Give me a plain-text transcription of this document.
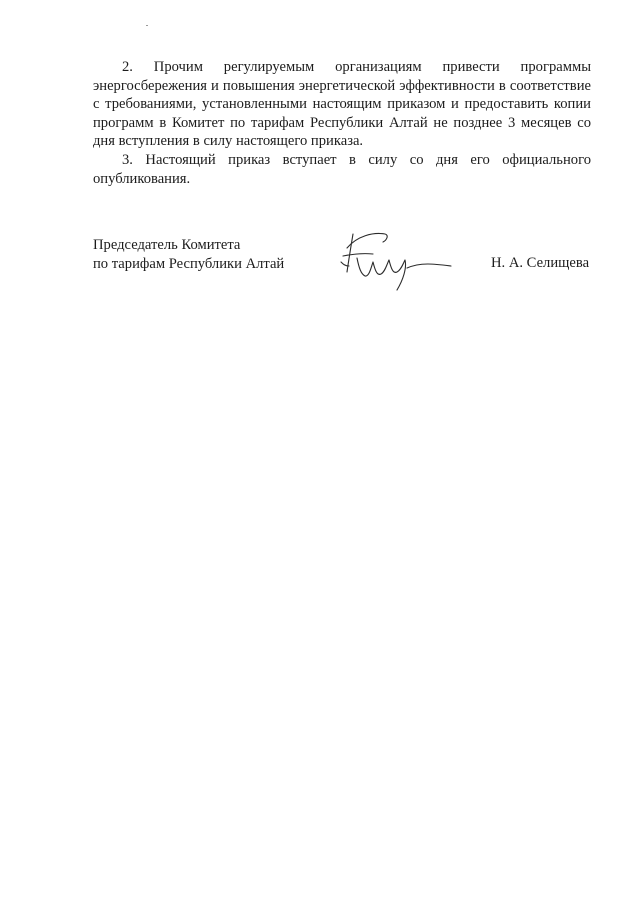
2. Прочим регулируемым организациям привести программы энергосбережения и повышения энергетической эффективности в соответствие с требованиями, установленными настоящим приказом и предоставить копии программ в Комитет по тарифам Республики Алтай не позднее 3 месяцев со дня вступления в силу настоящего приказа.

3. Настоящий приказ вступает в силу со дня его официального опубликования.

Председатель Комитета
по тарифам Республики Алтай	Н. А. Селищева
